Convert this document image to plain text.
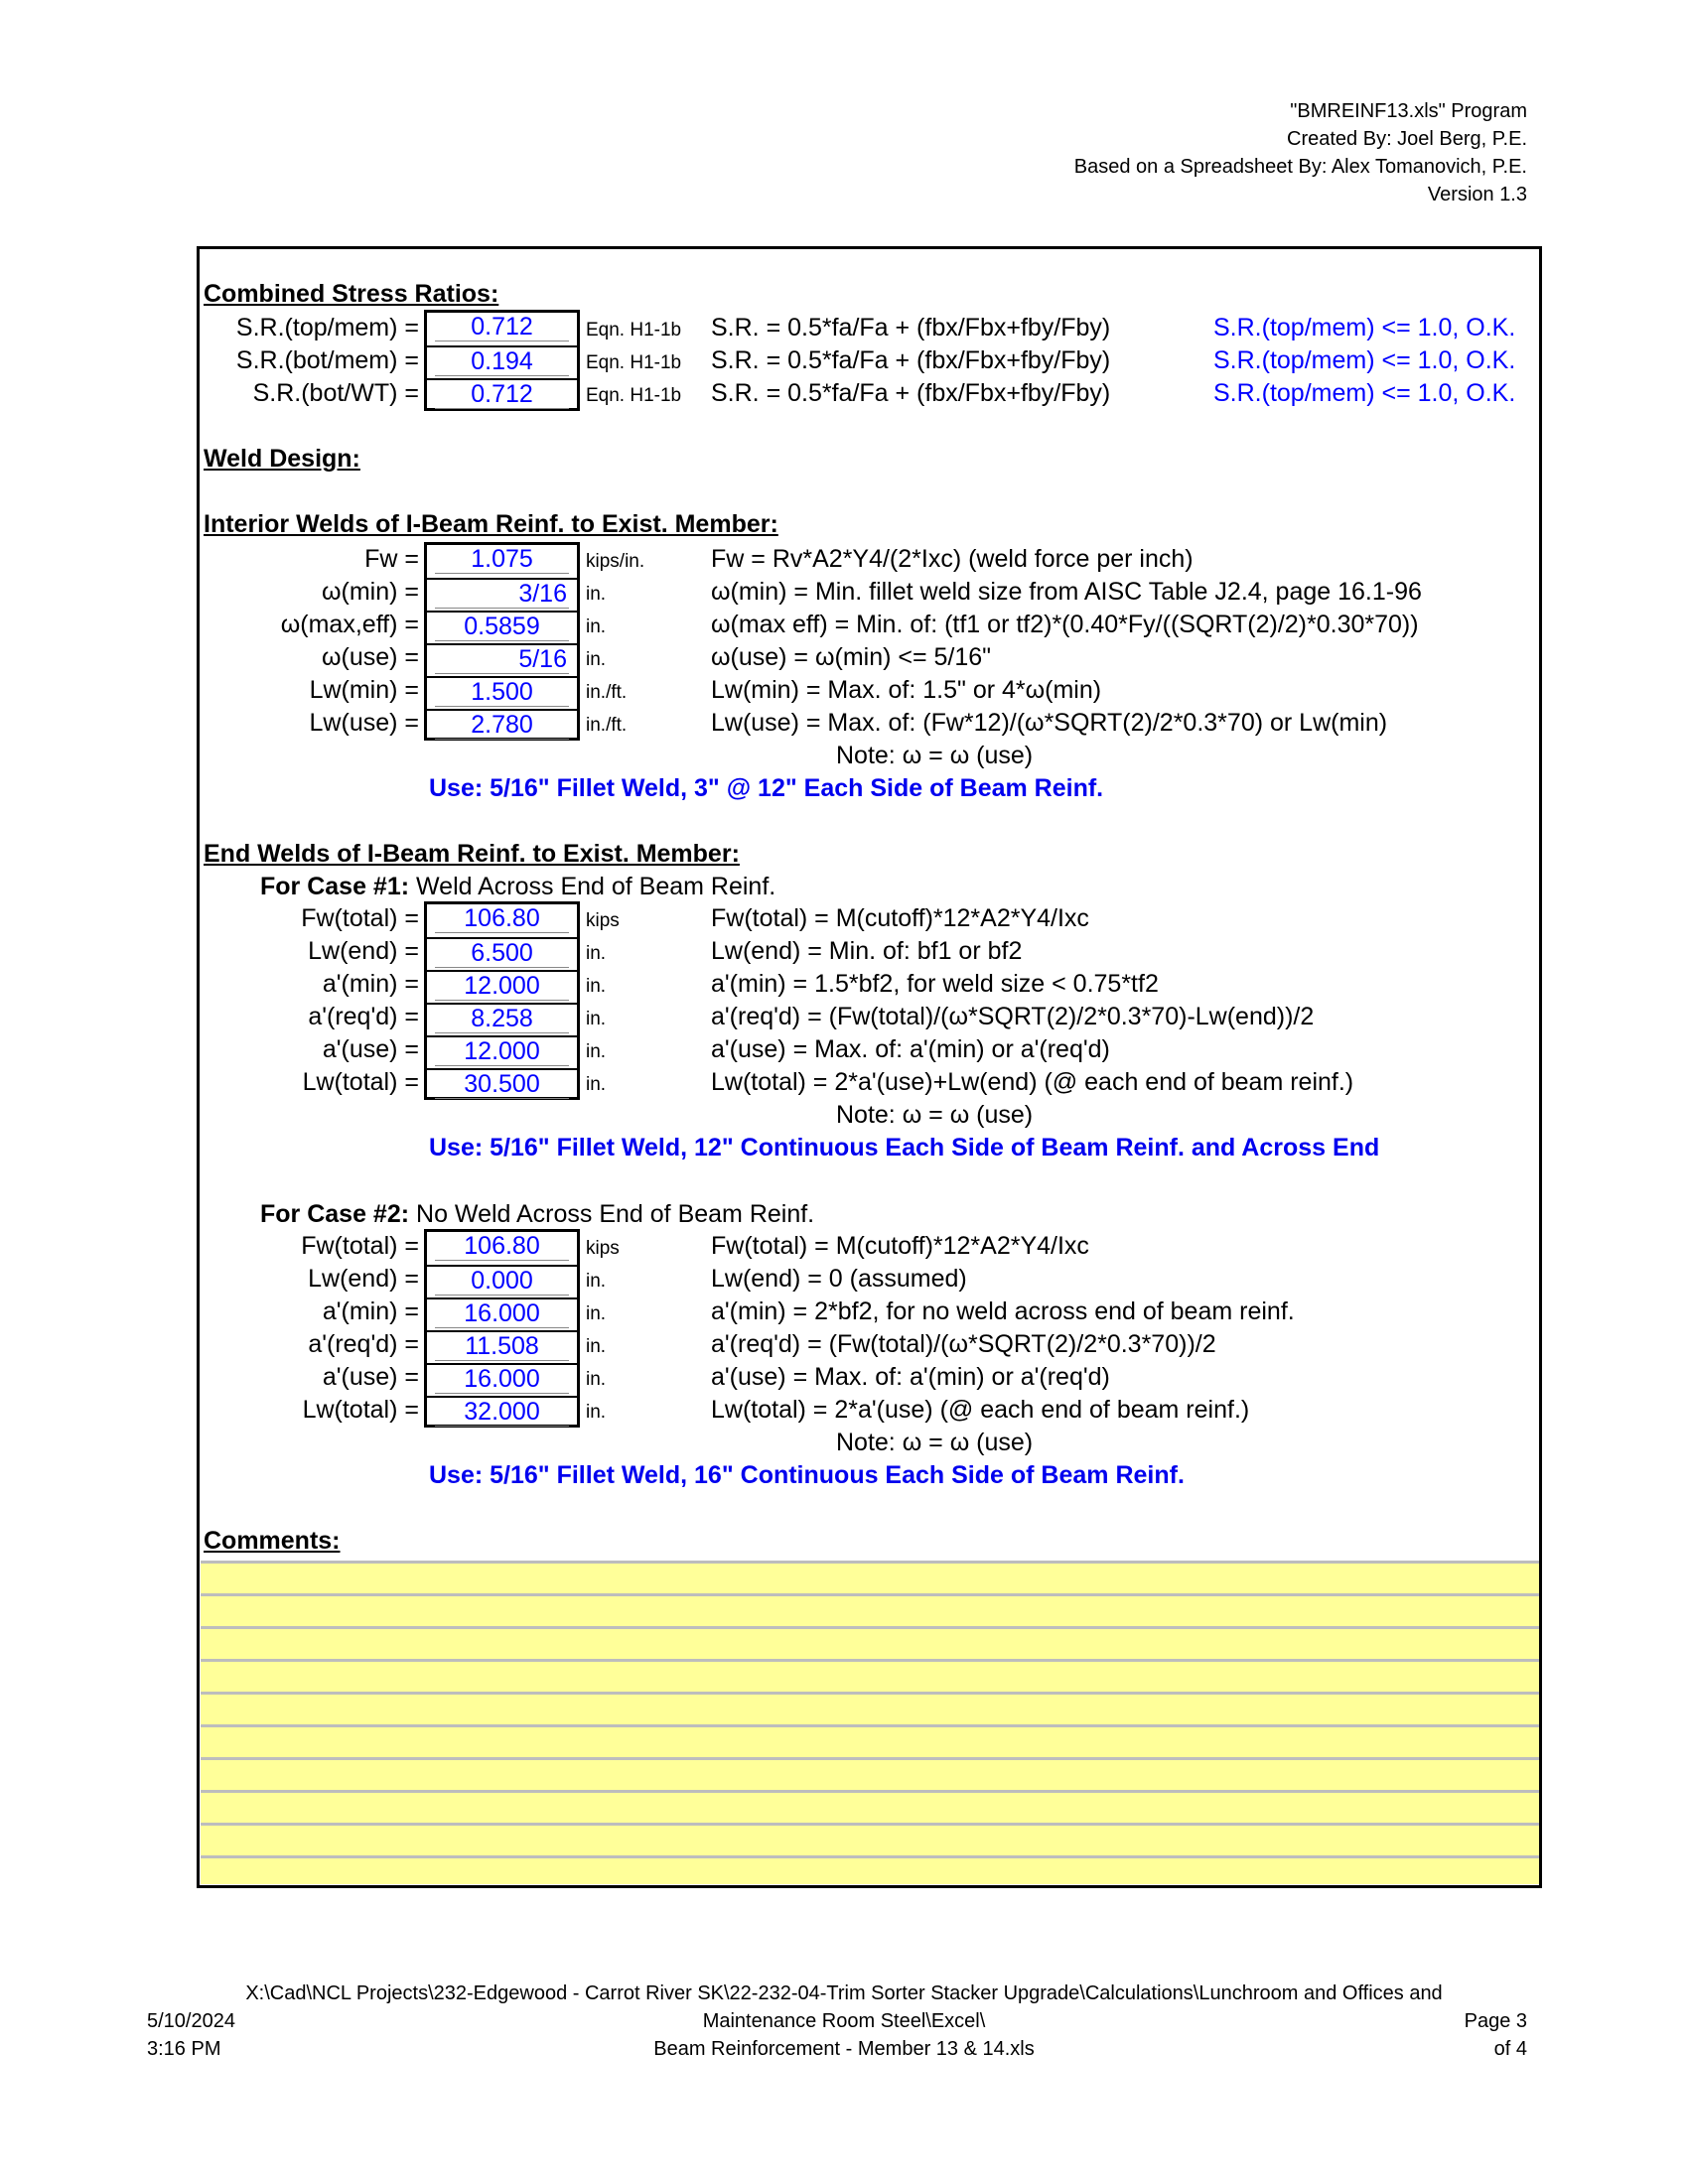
"BMREINF13.xls" Program
Created By: Joel Berg, P.E.
Based on a Spreadsheet By: Alex Tomanovich, P.E.
Version 1.3
Combined Stress Ratios:
0.712
0.194
0.712
S.R.(top/mem) =
S.R.(bot/mem) =
S.R.(bot/WT) =
Eqn. H1-1b
Eqn. H1-1b
Eqn. H1-1b
S.R. = 0.5*fa/Fa + (fbx/Fbx+fby/Fby)
S.R. = 0.5*fa/Fa + (fbx/Fbx+fby/Fby)
S.R. = 0.5*fa/Fa + (fbx/Fbx+fby/Fby)
S.R.(top/mem) <= 1.0, O.K.
S.R.(top/mem) <= 1.0, O.K.
S.R.(top/mem) <= 1.0, O.K.
Weld Design:
Interior Welds of I-Beam Reinf. to Exist. Member:
1.075
3/16
0.5859
5/16
1.500
2.780
Fw =
ω(min) =
ω(max,eff) =
ω(use) =
Lw(min) =
Lw(use) =
kips/in.
in.
in.
in.
in./ft.
in./ft.
Fw = Rv*A2*Y4/(2*Ixc) (weld force per inch)
ω(min) = Min. fillet weld size from AISC Table J2.4, page 16.1-96
ω(max eff) = Min. of: (tf1 or tf2)*(0.40*Fy/((SQRT(2)/2)*0.30*70))
ω(use) = ω(min) <= 5/16"
Lw(min) = Max. of: 1.5" or 4*ω(min)
Lw(use) = Max. of: (Fw*12)/(ω*SQRT(2)/2*0.3*70) or Lw(min)
Note: ω = ω (use)
Use: 5/16" Fillet Weld, 3" @ 12" Each Side of Beam Reinf.
End Welds of I-Beam Reinf. to Exist. Member:
For Case #1: Weld Across End of Beam Reinf.
106.80
6.500
12.000
8.258
12.000
30.500
Fw(total) =
Lw(end) =
a'(min) =
a'(req'd) =
a'(use) =
Lw(total) =
kips
in.
in.
in.
in.
in.
Fw(total) = M(cutoff)*12*A2*Y4/Ixc
Lw(end) = Min. of: bf1 or bf2
a'(min) = 1.5*bf2, for weld size < 0.75*tf2
a'(req'd) = (Fw(total)/(ω*SQRT(2)/2*0.3*70)-Lw(end))/2
a'(use) = Max. of: a'(min) or a'(req'd)
Lw(total) = 2*a'(use)+Lw(end) (@ each end of beam reinf.)
Note: ω = ω (use)
Use: 5/16" Fillet Weld, 12" Continuous Each Side of Beam Reinf. and Across End
For Case #2: No Weld Across End of Beam Reinf.
106.80
0.000
16.000
11.508
16.000
32.000
Fw(total) =
Lw(end) =
a'(min) =
a'(req'd) =
a'(use) =
Lw(total) =
kips
in.
in.
in.
in.
in.
Fw(total) = M(cutoff)*12*A2*Y4/Ixc
Lw(end) = 0 (assumed)
a'(min) = 2*bf2, for no weld across end of beam reinf.
a'(req'd) = (Fw(total)/(ω*SQRT(2)/2*0.3*70))/2
a'(use) = Max. of: a'(min) or a'(req'd)
Lw(total) = 2*a'(use) (@ each end of beam reinf.)
Note: ω = ω (use)
Use: 5/16" Fillet Weld, 16" Continuous Each Side of Beam Reinf.
Comments:
X:\Cad\NCL Projects\232-Edgewood - Carrot River SK\22-232-04-Trim Sorter Stacker Upgrade\Calculations\Lunchroom and Offices and
Maintenance Room Steel\Excel\
Beam Reinforcement - Member 13 & 14.xls
5/10/2024
3:16 PM
Page 3
of 4
